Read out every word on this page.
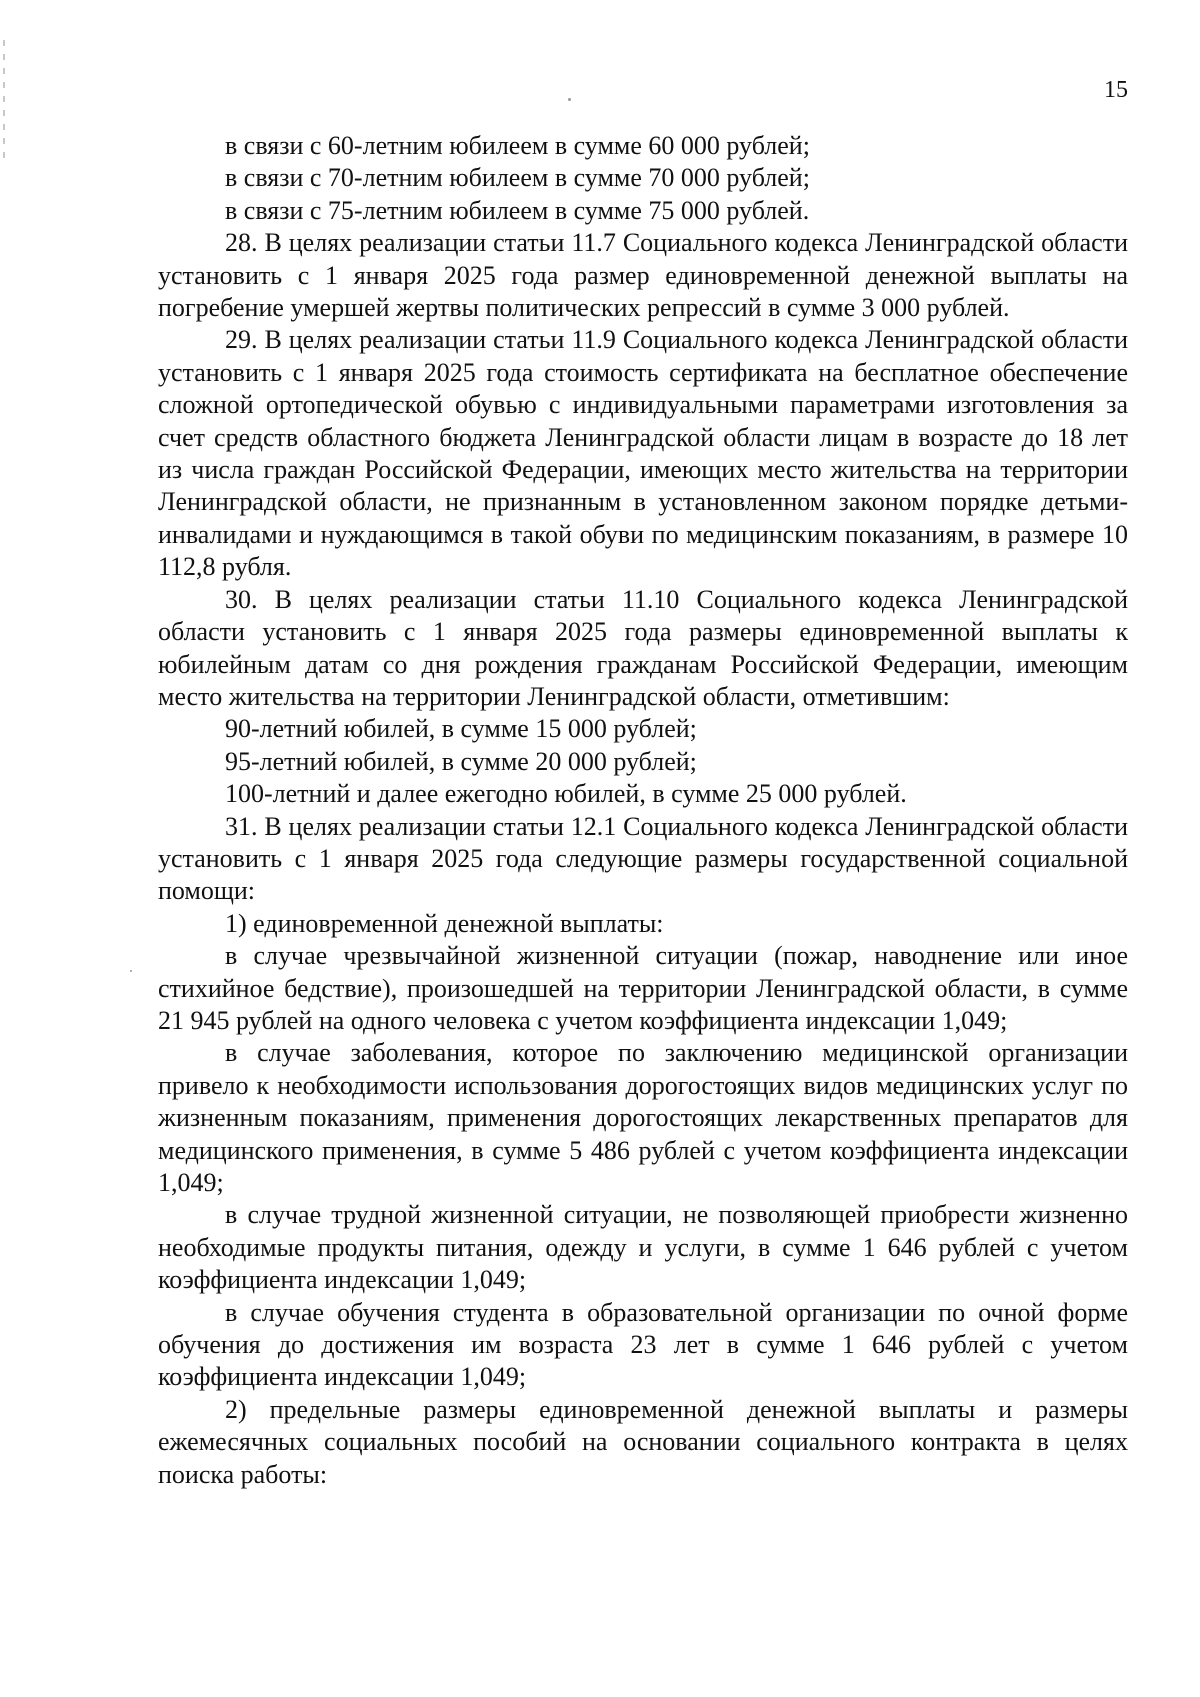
15

в связи с 60-летним юбилеем в сумме 60 000 рублей;

в связи с 70-летним юбилеем в сумме 70 000 рублей;

в связи с 75-летним юбилеем в сумме 75 000 рублей.

28. В целях реализации статьи 11.7 Социального кодекса Ленинградской области установить с 1 января 2025 года размер единовременной денежной выплаты на погребение умершей жертвы политических репрессий в сумме 3 000 рублей.

29. В целях реализации статьи 11.9 Социального кодекса Ленинградской области установить с 1 января 2025 года стоимость сертификата на бесплатное обеспечение сложной ортопедической обувью с индивидуальными параметрами изготовления за счет средств областного бюджета Ленинградской области лицам в возрасте до 18 лет из числа граждан Российской Федерации, имеющих место жительства на территории Ленинградской области, не признанным в установленном законом порядке детьми-инвалидами и нуждающимся в такой обуви по медицинским показаниям, в размере 10 112,8 рубля.

30. В целях реализации статьи 11.10 Социального кодекса Ленинградской области установить с 1 января 2025 года размеры единовременной выплаты к юбилейным датам со дня рождения гражданам Российской Федерации, имеющим место жительства на территории Ленинградской области, отметившим:

90-летний юбилей, в сумме 15 000 рублей;

95-летний юбилей, в сумме 20 000 рублей;

100-летний и далее ежегодно юбилей, в сумме 25 000 рублей.

31. В целях реализации статьи 12.1 Социального кодекса Ленинградской области установить с 1 января 2025 года следующие размеры государственной социальной помощи:

1) единовременной денежной выплаты:

в случае чрезвычайной жизненной ситуации (пожар, наводнение или иное стихийное бедствие), произошедшей на территории Ленинградской области, в сумме 21 945 рублей на одного человека с учетом коэффициента индексации 1,049;

в случае заболевания, которое по заключению медицинской организации привело к необходимости использования дорогостоящих видов медицинских услуг по жизненным показаниям, применения дорогостоящих лекарственных препаратов для медицинского применения, в сумме 5 486 рублей с учетом коэффициента индексации 1,049;

в случае трудной жизненной ситуации, не позволяющей приобрести жизненно необходимые продукты питания, одежду и услуги, в сумме 1 646 рублей с учетом коэффициента индексации 1,049;

в случае обучения студента в образовательной организации по очной форме обучения до достижения им возраста 23 лет в сумме 1 646 рублей с учетом коэффициента индексации 1,049;

2) предельные размеры единовременной денежной выплаты и размеры ежемесячных социальных пособий на основании социального контракта в целях поиска работы:
